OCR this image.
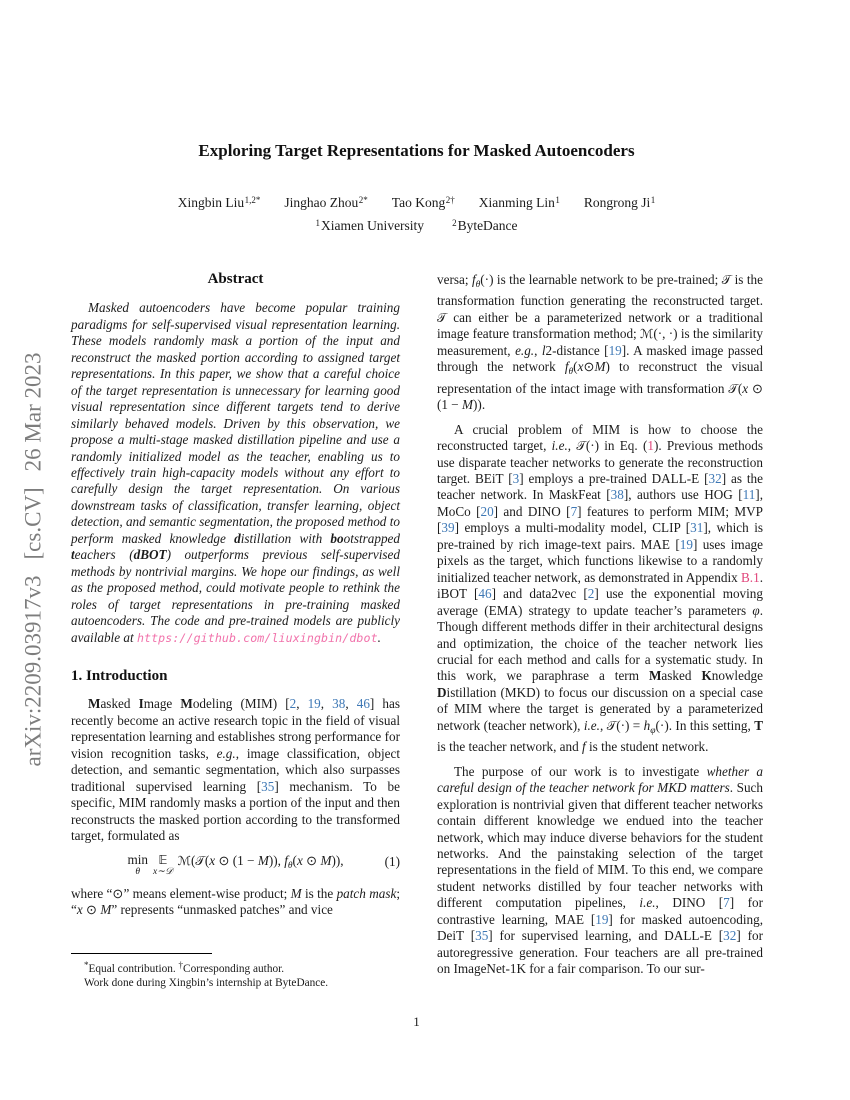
arXiv:2209.03917v3[cs.CV]26 Mar 2023
Exploring Target Representations for Masked Autoencoders
Xingbin Liu$^{1,2*}$ Jinghao Zhou$^{2*}$ Tao Kong$^{2\dagger}$ Xianming Lin$^1$ Rongrong Ji$^1$
$^1$Xiamen University	$^2$ByteDance
Abstract

Masked autoencoders have become popular training paradigms for self-supervised visual representation learning. These models randomly mask a portion of the input and reconstruct the masked portion according to assigned target representations. In this paper, we show that a careful choice of the target representation is unnecessary for learning good visual representation since different targets tend to derive similarly behaved models. Driven by this observation, we propose a multi-stage masked distillation pipeline and use a randomly initialized model as the teacher, enabling us to effectively train high-capacity models without any effort to carefully design the target representation. On various downstream tasks of classification, transfer learning, object detection, and semantic segmentation, the proposed method to perform masked knowledge distillation with bootstrapped teachers (dBOT) outperforms previous self-supervised methods by nontrivial margins. We hope our findings, as well as the proposed method, could motivate people to rethink the roles of target representations in pre-training masked autoencoders. The code and pre-trained models are publicly available at https://github.com/liuxingbin/dbot.

1. Introduction

Masked Image Modeling (MIM) [2, 19, 38, 46] has recently become an active research topic in the field of visual representation learning and establishes strong performance for vision recognition tasks, e.g., image classification, object detection, and semantic segmentation, which also surpasses traditional supervised learning [35] mechanism. To be specific, MIM randomly masks a portion of the input and then reconstructs the masked portion according to the transformed target, formulated as

min
θ
𝔼
x∼𝒟
ℳ(𝒯(x ⊙ (1 − M)), $f_\theta(x$ ⊙ M)),	(1)

where “⊙” means element-wise product; M is the patch mask; “x ⊙ M” represents “unmasked patches” and vice

versa; $f_\theta(\cdot)$ is the learnable network to be pre-trained; 𝒯 is the transformation function generating the reconstructed target. 𝒯 can either be a parameterized network or a traditional image feature transformation method; ℳ(·, ·) is the similarity measurement, e.g., l2-distance [19]. A masked image passed through the network $f_\theta(x⊙M)$ to reconstruct the visual representation of the intact image with transformation 𝒯(x ⊙ (1 − M)).

A crucial problem of MIM is how to choose the reconstructed target, i.e., 𝒯(·) in Eq. (1). Previous methods use disparate teacher networks to generate the reconstruction target. BEiT [3] employs a pre-trained DALL-E [32] as the teacher network. In MaskFeat [38], authors use HOG [11], MoCo [20] and DINO [7] features to perform MIM; MVP [39] employs a multi-modality model, CLIP [31], which is pre-trained by rich image-text pairs. MAE [19] uses image pixels as the target, which functions likewise to a randomly initialized teacher network, as demonstrated in Appendix B.1. iBOT [46] and data2vec [2] use the exponential moving average (EMA) strategy to update teacher’s parameters φ. Though different methods differ in their architectural designs and optimization, the choice of the teacher network lies crucial for each method and calls for a systematic study. In this work, we paraphrase a term Masked Knowledge Distillation (MKD) to focus our discussion on a special case of MIM where the target is generated by a parameterized network (teacher network), i.e., 𝒯(·) = $h_\varphi(\cdot)$. In this setting, T is the teacher network, and f is the student network.

The purpose of our work is to investigate whether a careful design of the teacher network for MKD matters. Such exploration is nontrivial given that different teacher networks contain different knowledge we endued into the teacher network, which may induce diverse behaviors for the student networks. And the painstaking selection of the target representations in the field of MIM. To this end, we compare student networks distilled by four teacher networks with different computation pipelines, i.e., DINO [7] for contrastive learning, MAE [19] for masked autoencoding, DeiT [35] for supervised learning, and DALL-E [32] for autoregressive generation. Four teachers are all pre-trained on ImageNet-1K for a fair comparison. To our sur-

*Equal contribution. †Corresponding author.

Work done during Xingbin’s internship at ByteDance.

1
